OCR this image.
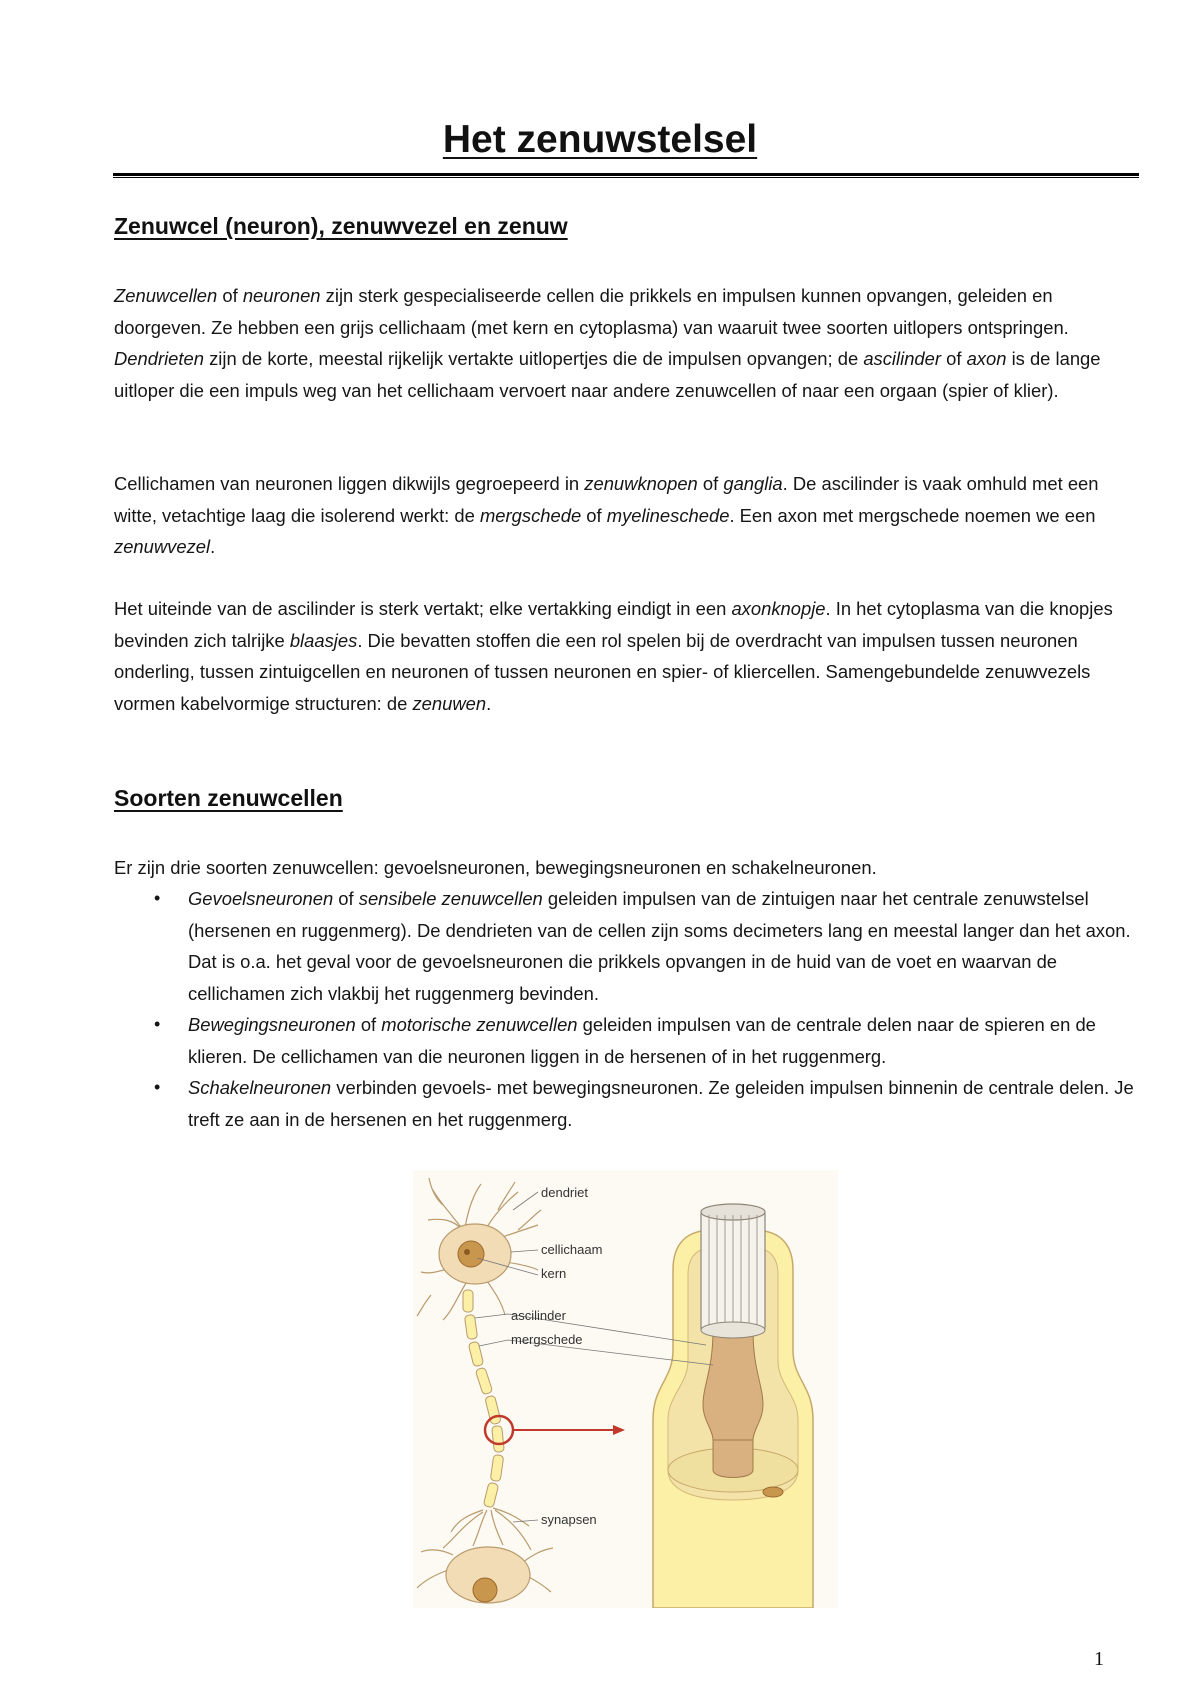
Het zenuwstelsel
Zenuwcel (neuron), zenuwvezel en zenuw

Zenuwcellen of neuronen zijn sterk gespecialiseerde cellen die prikkels en impulsen kunnen opvangen, geleiden en doorgeven. Ze hebben een grijs cellichaam (met kern en cytoplasma) van waaruit twee soorten uitlopers ontspringen. Dendrieten zijn de korte, meestal rijkelijk vertakte uitlopertjes die de impulsen opvangen; de ascilinder of axon is de lange uitloper die een impuls weg van het cellichaam vervoert naar andere zenuwcellen of naar een orgaan (spier of klier).

Cellichamen van neuronen liggen dikwijls gegroepeerd in zenuwknopen of ganglia. De ascilinder is vaak omhuld met een witte, vetachtige laag die isolerend werkt: de mergschede of myelineschede. Een axon met mergschede noemen we een zenuwvezel.

Het uiteinde van de ascilinder is sterk vertakt; elke vertakking eindigt in een axonknopje. In het cytoplasma van die knopjes bevinden zich talrijke blaasjes. Die bevatten stoffen die een rol spelen bij de overdracht van impulsen tussen neuronen onderling, tussen zintuigcellen en neuronen of tussen neuronen en spier- of kliercellen. Samengebundelde zenuwvezels vormen kabelvormige structuren: de zenuwen.

Soorten zenuwcellen

Er zijn drie soorten zenuwcellen: gevoelsneuronen, bewegingsneuronen en schakelneuronen.

• Gevoelsneuronen of sensibele zenuwcellen geleiden impulsen van de zintuigen naar het centrale zenuwstelsel (hersenen en ruggenmerg). De dendrieten van de cellen zijn soms decimeters lang en meestal langer dan het axon. Dat is o.a. het geval voor de gevoelsneuronen die prikkels opvangen in de huid van de voet en waarvan de cellichamen zich vlakbij het ruggenmerg bevinden.
• Bewegingsneuronen of motorische zenuwcellen geleiden impulsen van de centrale delen naar de spieren en de klieren. De cellichamen van die neuronen liggen in de hersenen of in het ruggenmerg.
• Schakelneuronen verbinden gevoels- met bewegingsneuronen. Ze geleiden impulsen binnenin de centrale delen. Je treft ze aan in de hersenen en het ruggenmerg.
dendriet
cellichaam
kern
ascilinder
mergschede
synapsen
1
